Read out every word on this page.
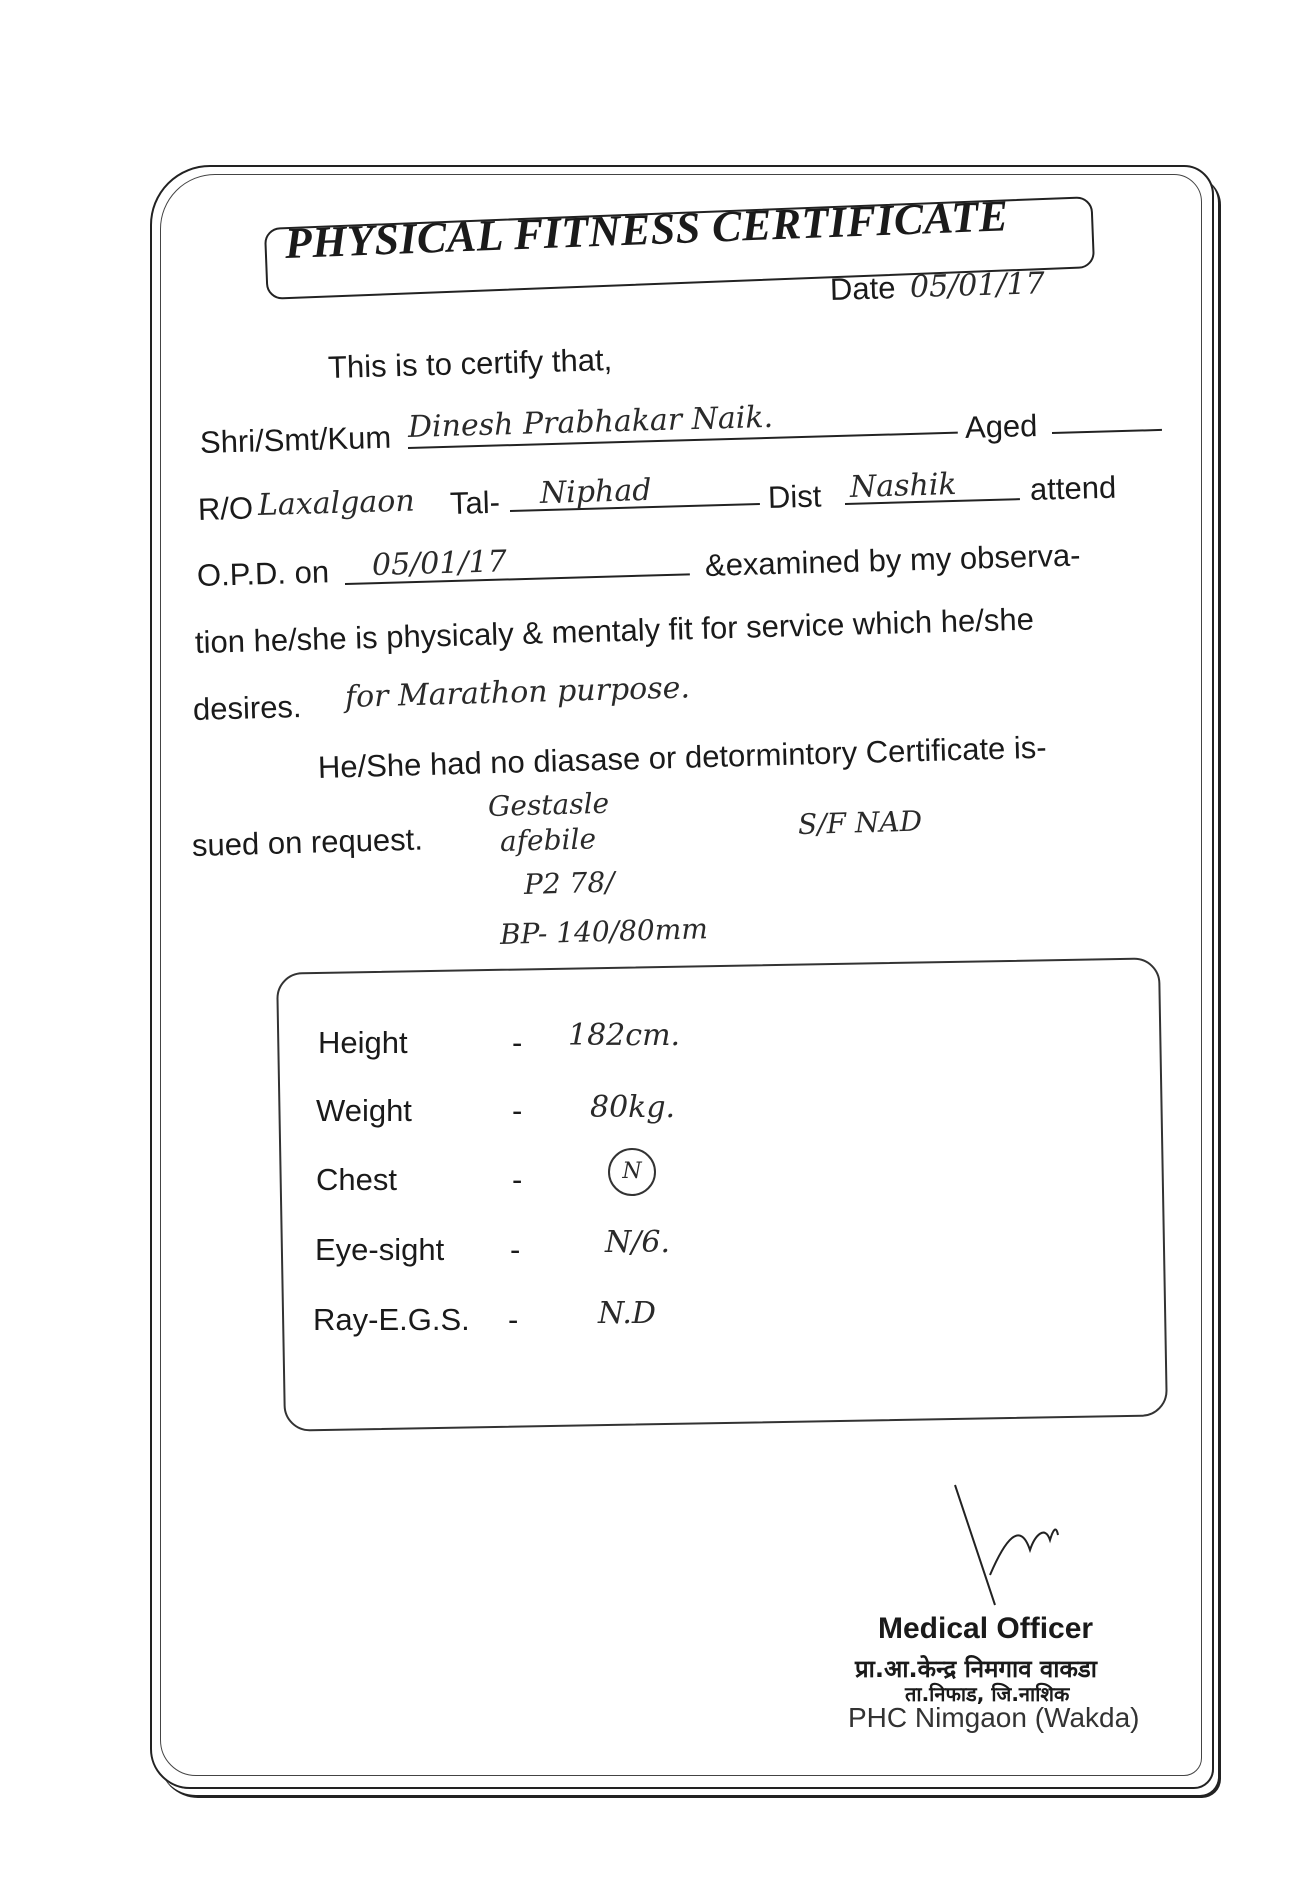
PHYSICAL FITNESS CERTIFICATE
Date 05/01/17
This is to certify that,
Shri/Smt/Kum Dinesh Prabhakar Naik.	Aged
R/O Laxalgaon Tal- Niphad	Dist Nashik attend
O.P.D. on 05/01/17	&examined by my observa-
tion he/she is physicaly & mentaly fit for service which he/she
desires. for Marathon purpose.
He/She had no diasase or detormintory Certificate is-
sued on request.
Gestasle
afebile
P2 78/
BP- 140/80mm
S/F NAD
Height	- 182cm.
Weight	- 80kg.
Chest	-	N
Eye-sight -	N/6.
Ray-E.G.S. -	N.D
Medical Officer
प्रा.आ.केन्द्र निमगाव वाकडा
ता.निफाड, जि.नाशिक
PHC Nimgaon (Wakda)
